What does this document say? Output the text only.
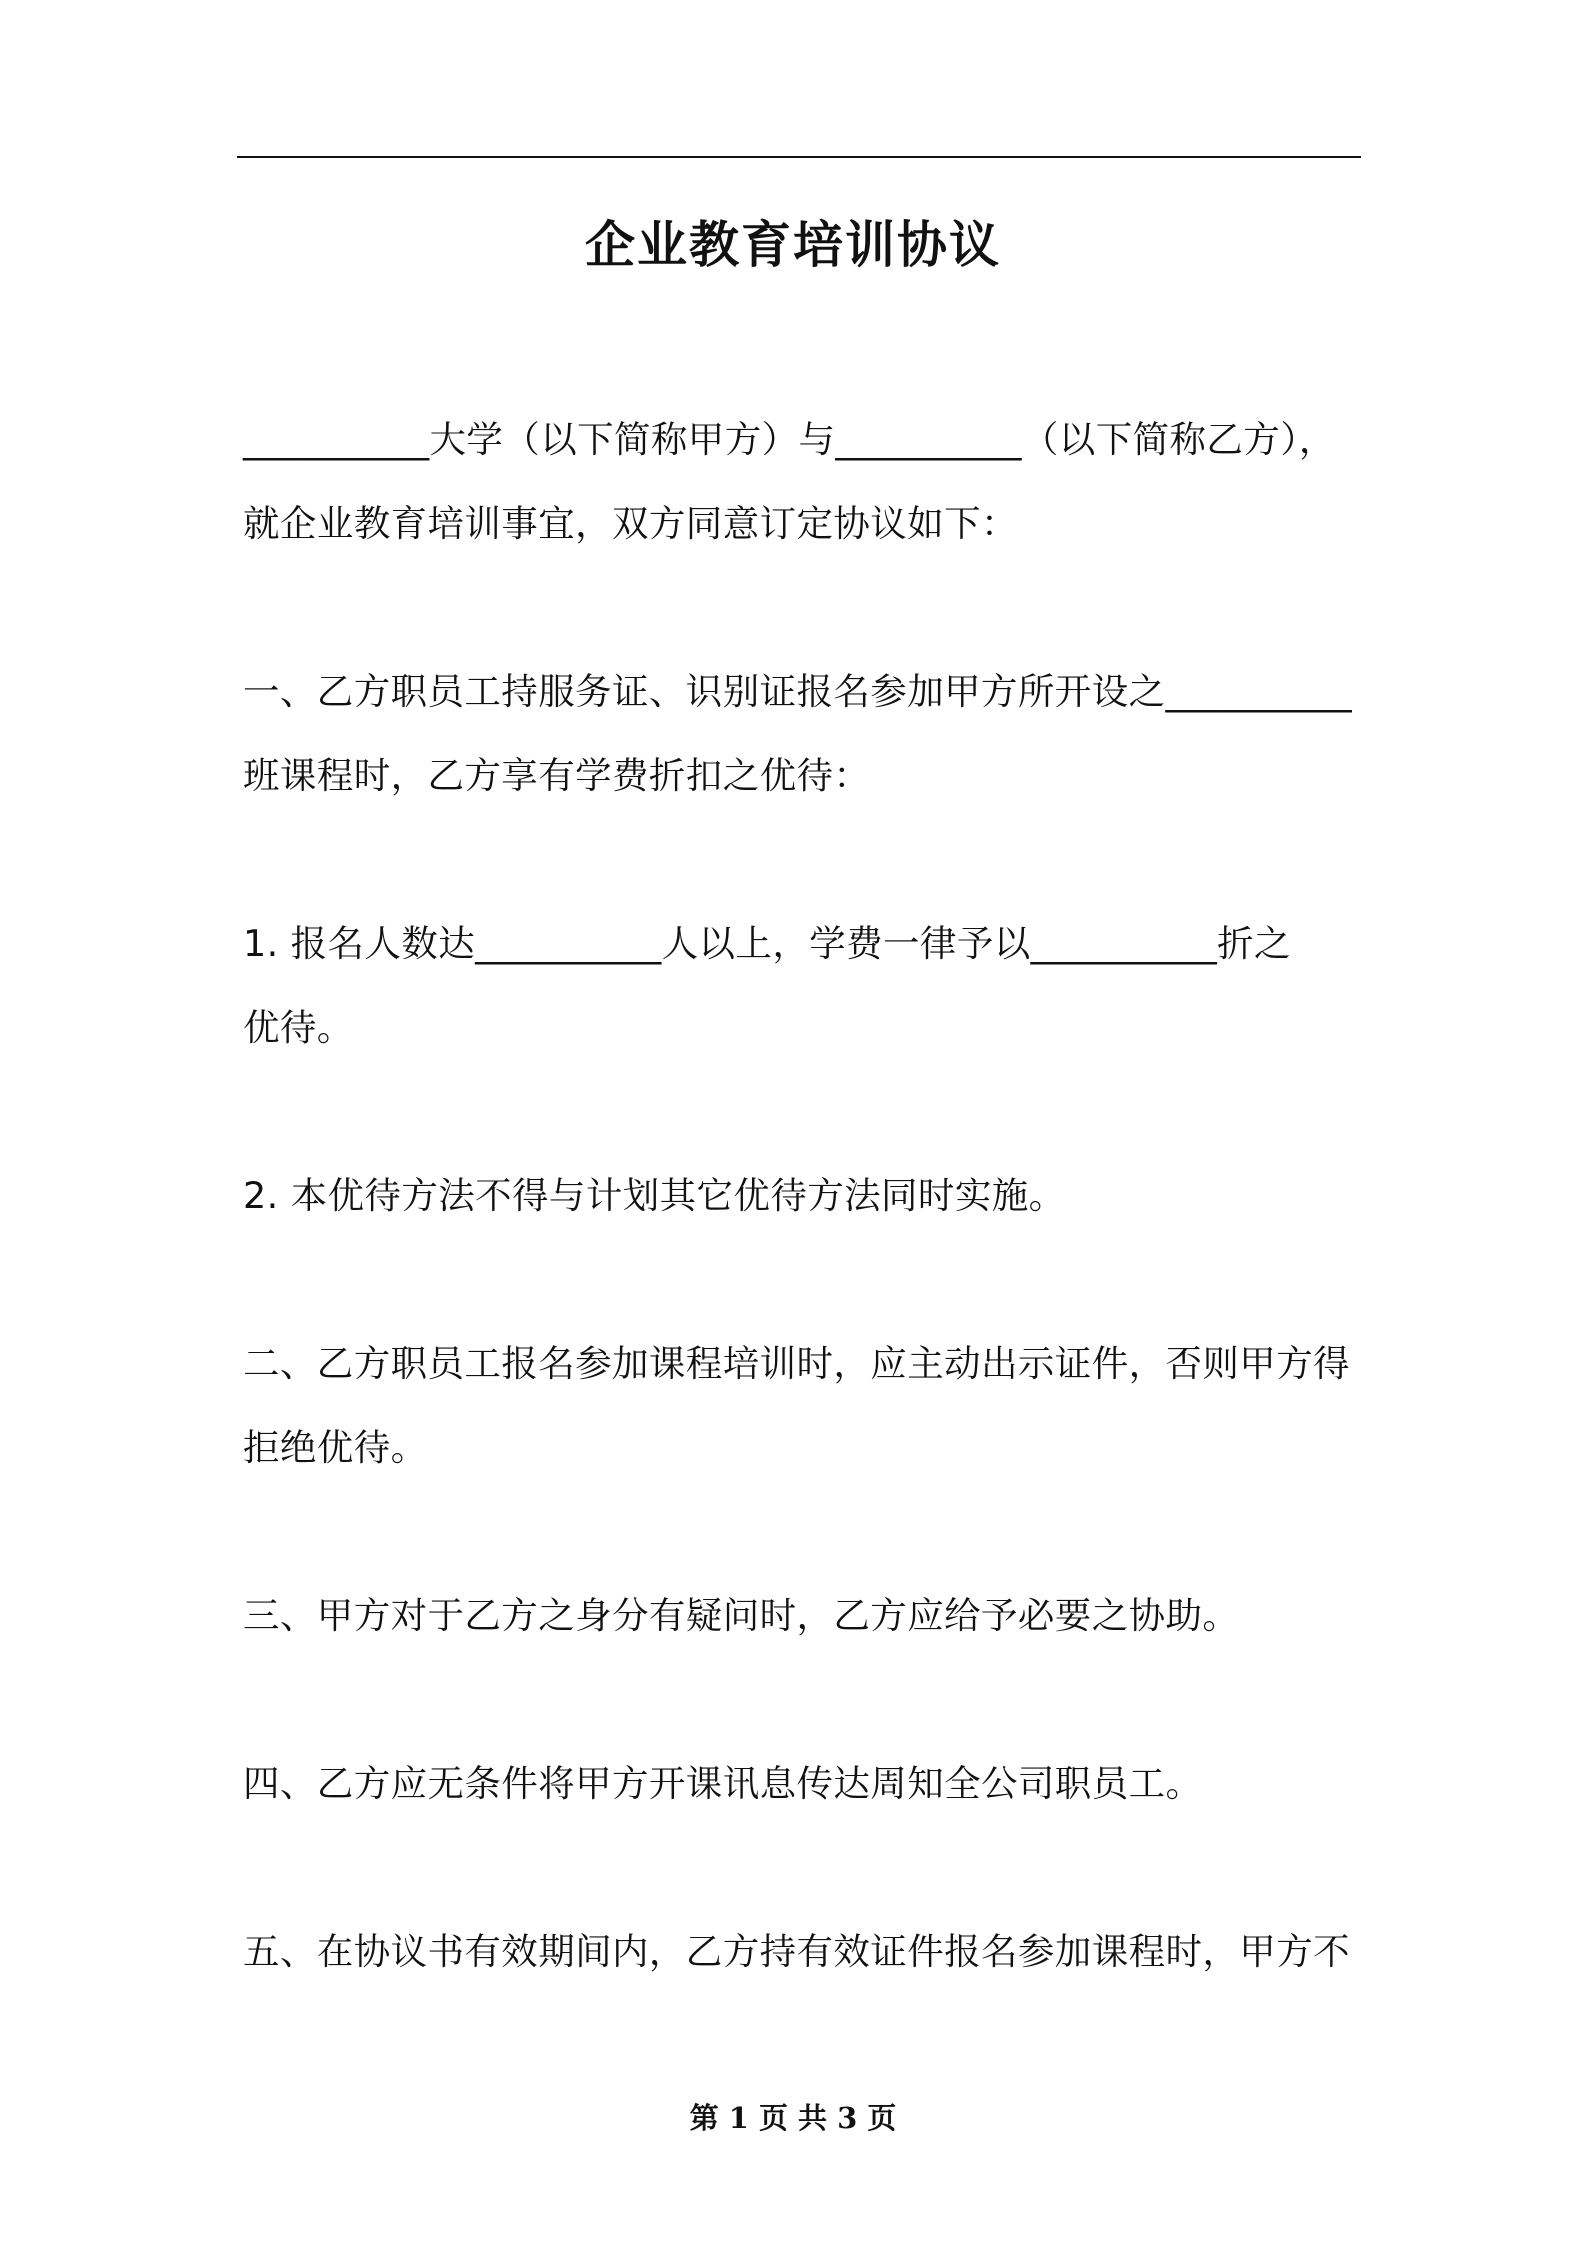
企业教育培训协议
__________大学（以下简称甲方）与__________（以下简称乙方），
就企业教育培训事宜，双方同意订定协议如下：
一、乙方职员工持服务证、识别证报名参加甲方所开设之__________
班课程时，乙方享有学费折扣之优待：
1. 报名人数达__________人以上，学费一律予以__________折之
优待。
2. 本优待方法不得与计划其它优待方法同时实施。
二、乙方职员工报名参加课程培训时，应主动出示证件，否则甲方得
拒绝优待。
三、甲方对于乙方之身分有疑问时，乙方应给予必要之协助。
四、乙方应无条件将甲方开课讯息传达周知全公司职员工。
五、在协议书有效期间内，乙方持有效证件报名参加课程时，甲方不
第 1 页 共 3 页
